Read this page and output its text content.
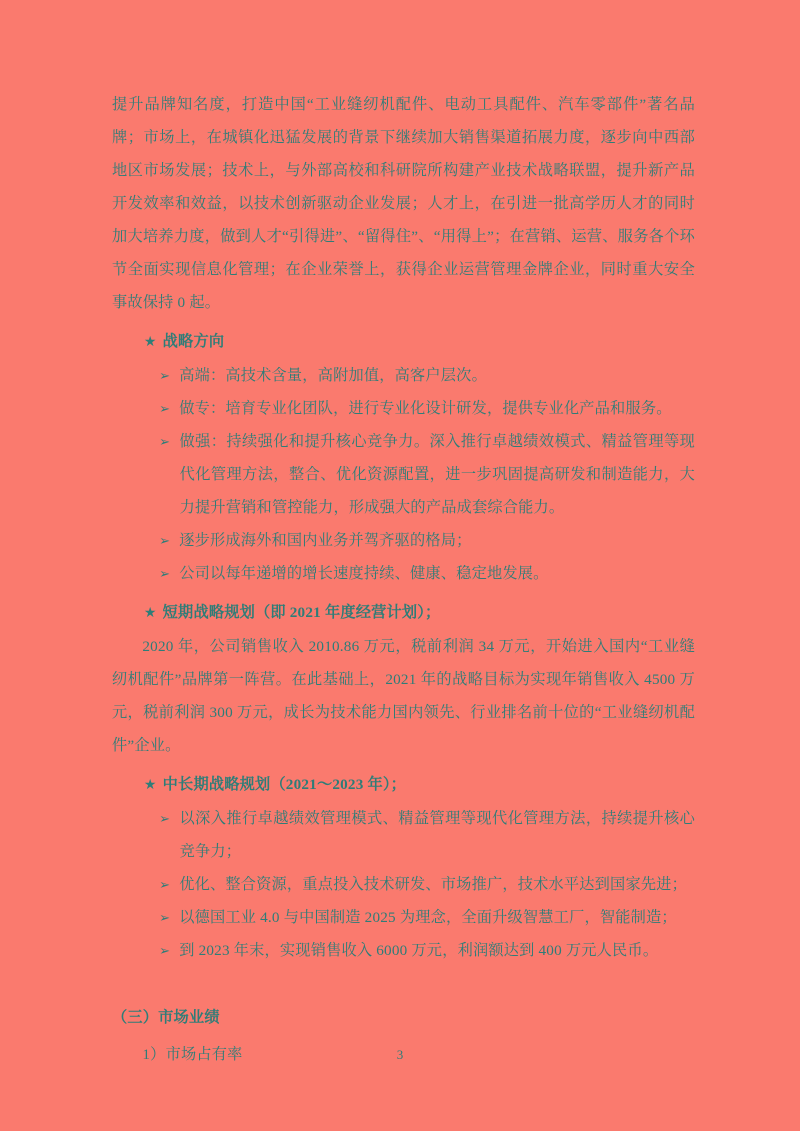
提升品牌知名度，打造中国“工业缝纫机配件、电动工具配件、汽车零部件”著名品牌；市场上，在城镇化迅猛发展的背景下继续加大销售渠道拓展力度，逐步向中西部地区市场发展；技术上，与外部高校和科研院所构建产业技术战略联盟，提升新产品开发效率和效益，以技术创新驱动企业发展；人才上，在引进一批高学历人才的同时加大培养力度，做到人才“引得进”、“留得住”、“用得上”；在营销、运营、服务各个环节全面实现信息化管理；在企业荣誉上，获得企业运营管理金牌企业，同时重大安全事故保持 0 起。

★ 战略方向

➢ 高端：高技术含量，高附加值，高客户层次。

➢ 做专：培育专业化团队，进行专业化设计研发，提供专业化产品和服务。

➢ 做强：持续强化和提升核心竞争力。深入推行卓越绩效模式、精益管理等现代化管理方法，整合、优化资源配置，进一步巩固提高研发和制造能力，大力提升营销和管控能力，形成强大的产品成套综合能力。

➢ 逐步形成海外和国内业务并驾齐驱的格局；

➢ 公司以每年递增的增长速度持续、健康、稳定地发展。

★ 短期战略规划（即 2021 年度经营计划）；

2020 年，公司销售收入 2010.86 万元，税前利润 34 万元，开始进入国内“工业缝纫机配件”品牌第一阵营。在此基础上，2021 年的战略目标为实现年销售收入 4500 万元，税前利润 300 万元，成长为技术能力国内领先、行业排名前十位的“工业缝纫机配件”企业。

★ 中长期战略规划（2021～2023 年）；

➢ 以深入推行卓越绩效管理模式、精益管理等现代化管理方法，持续提升核心竞争力；

➢ 优化、整合资源，重点投入技术研发、市场推广，技术水平达到国家先进；

➢ 以德国工业 4.0 与中国制造 2025 为理念，全面升级智慧工厂，智能制造；

➢ 到 2023 年末，实现销售收入 6000 万元，利润额达到 400 万元人民币。

（三）市场业绩

1）市场占有率	3
